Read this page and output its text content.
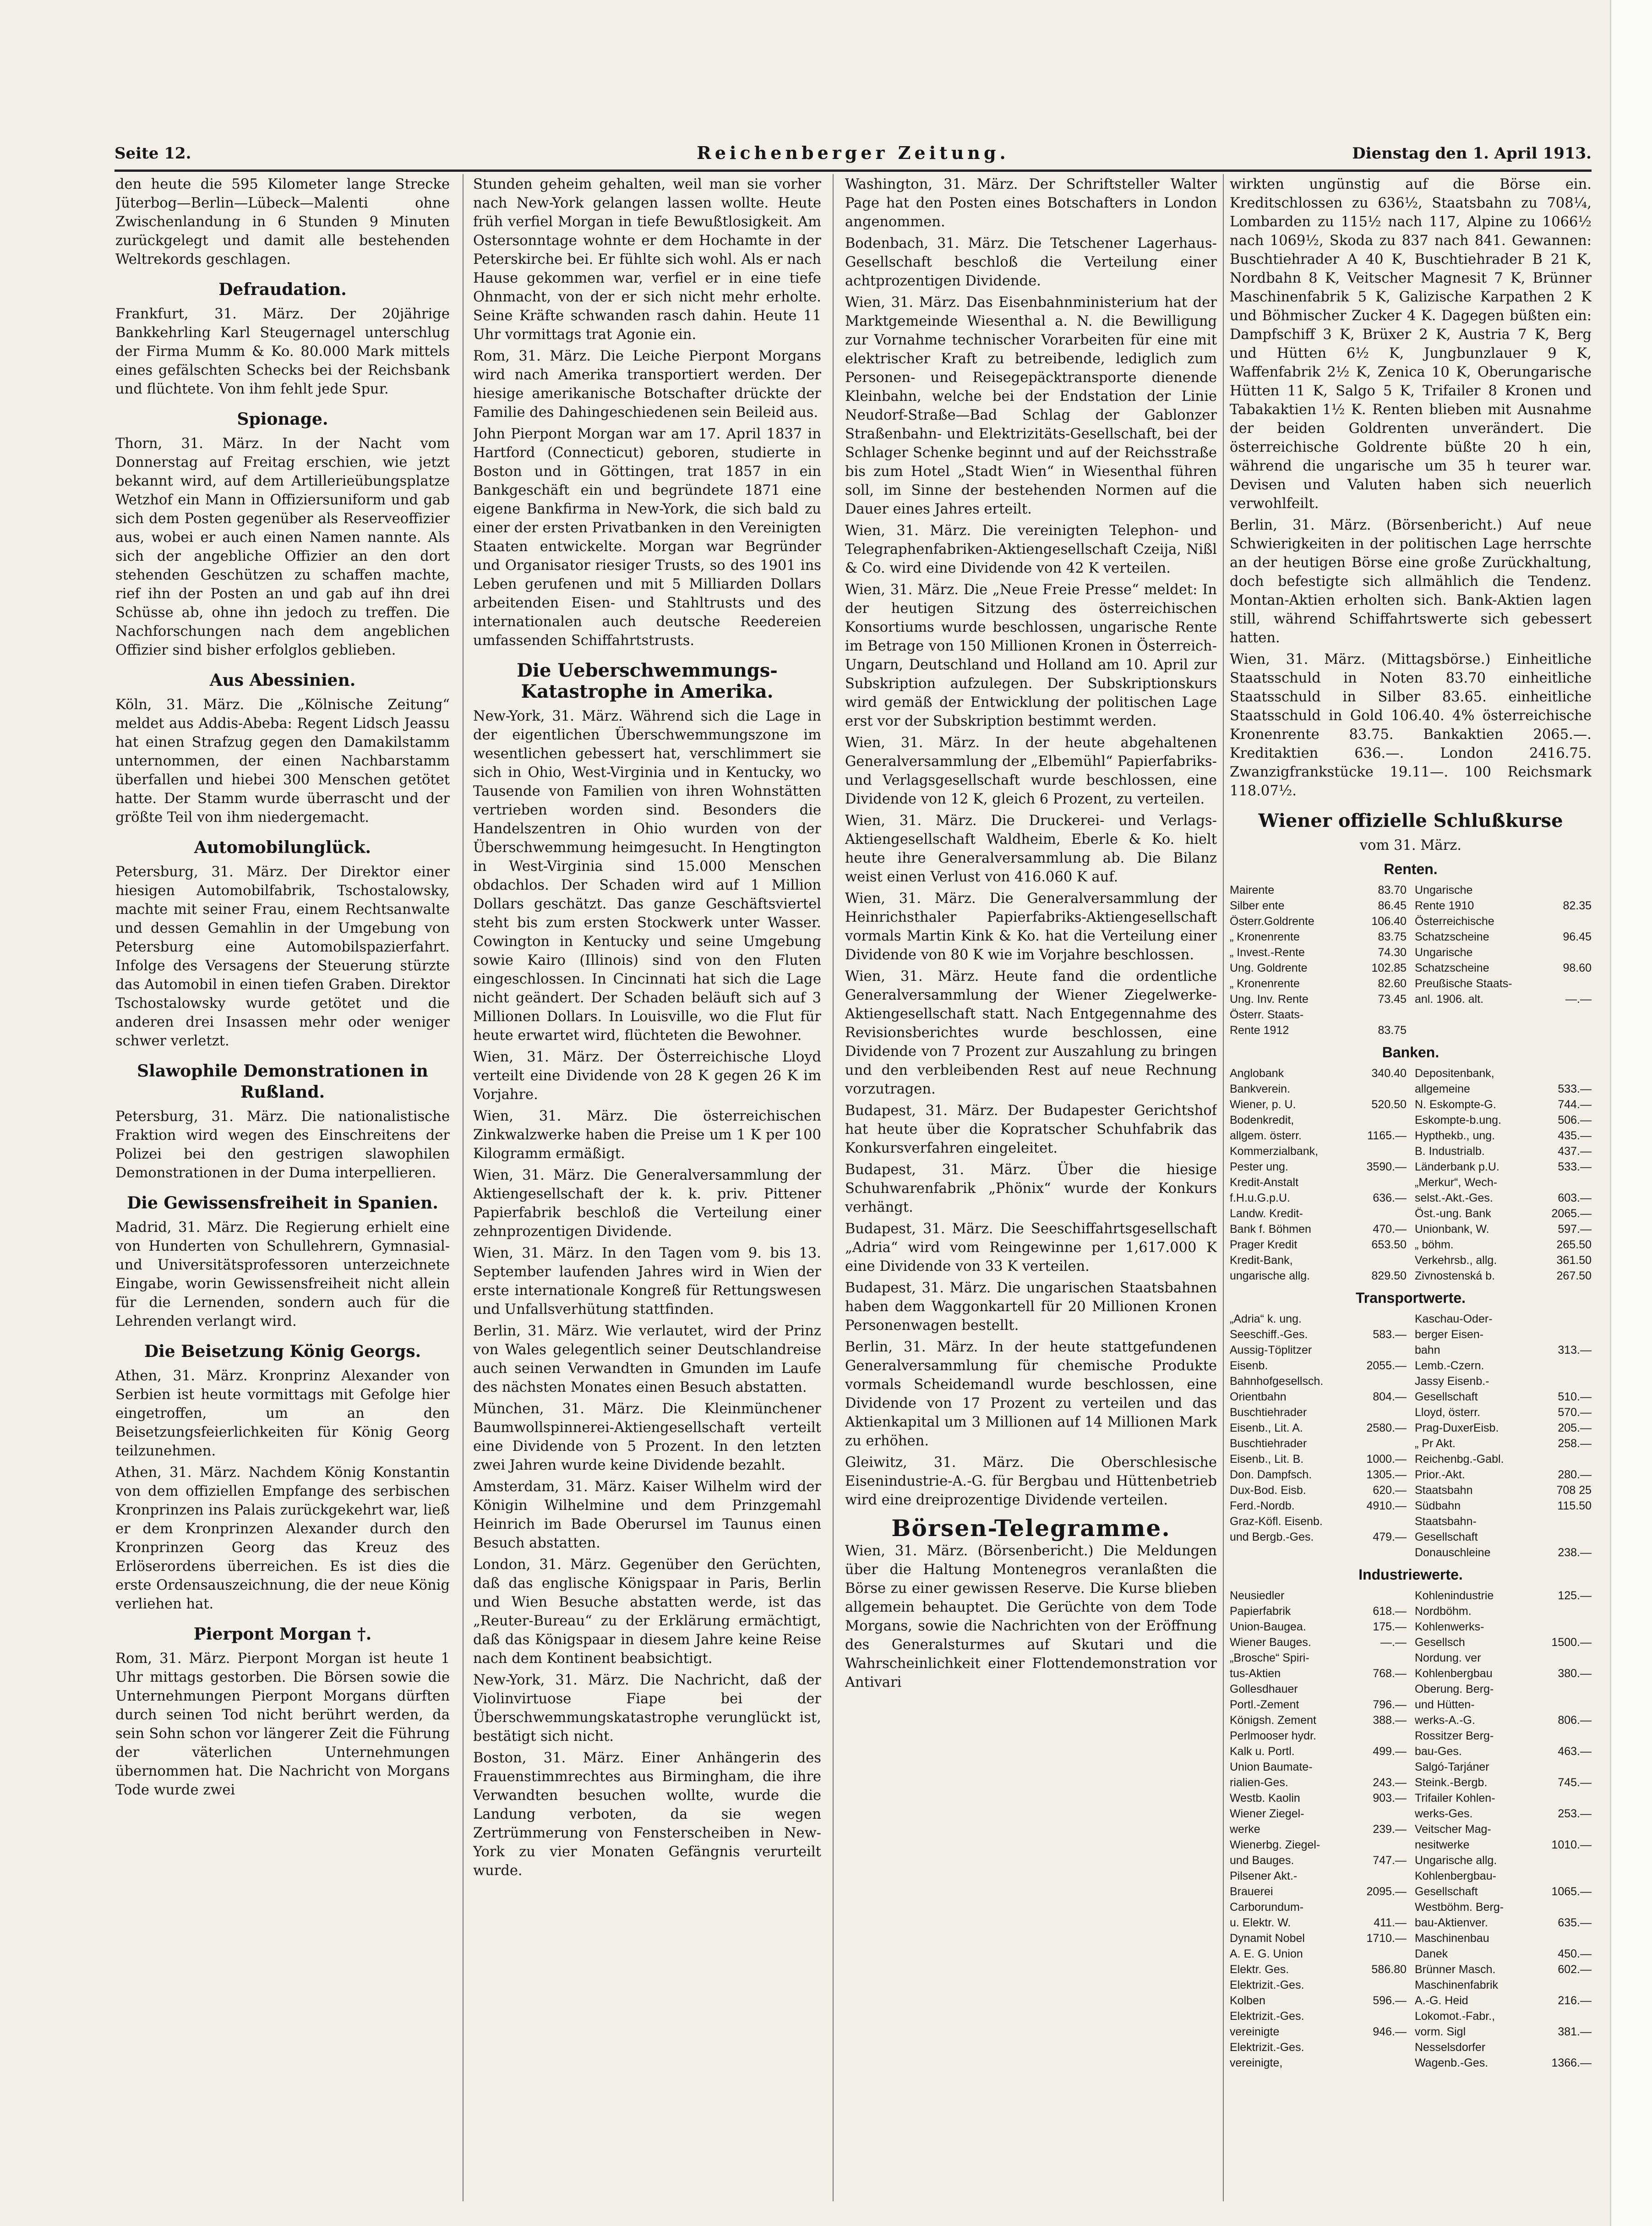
Seite 12.	Reichenberger Zeitung.	Dienstag den 1. April 1913.

den heute die 595 Kilometer lange Strecke Jüterbog—Berlin—Lübeck—Malenti ohne Zwischenlandung in 6 Stunden 9 Minuten zurückgelegt und damit alle bestehenden Weltrekords geschlagen.

Defraudation.

Frankfurt, 31. März. Der 20jährige Bankkehrling Karl Steugernagel unterschlug der Firma Mumm & Ko. 80.000 Mark mittels eines gefälschten Schecks bei der Reichsbank und flüchtete. Von ihm fehlt jede Spur.

Spionage.

Thorn, 31. März. In der Nacht vom Donnerstag auf Freitag erschien, wie jetzt bekannt wird, auf dem Artillerieübungsplatze Wetzhof ein Mann in Offiziersuniform und gab sich dem Posten gegenüber als Reserveoffizier aus, wobei er auch einen Namen nannte. Als sich der angebliche Offizier an den dort stehenden Geschützen zu schaffen machte, rief ihn der Posten an und gab auf ihn drei Schüsse ab, ohne ihn jedoch zu treffen. Die Nachforschungen nach dem angeblichen Offizier sind bisher erfolglos geblieben.

Aus Abessinien.

Köln, 31. März. Die „Kölnische Zeitung“ meldet aus Addis-Abeba: Regent Lidsch Jeassu hat einen Strafzug gegen den Damakilstamm unternommen, der einen Nachbarstamm überfallen und hiebei 300 Menschen getötet hatte. Der Stamm wurde überrascht und der größte Teil von ihm niedergemacht.

Automobilunglück.

Petersburg, 31. März. Der Direktor einer hiesigen Automobilfabrik, Tschostalowsky, machte mit seiner Frau, einem Rechtsanwalte und dessen Gemahlin in der Umgebung von Petersburg eine Automobilspazierfahrt. Infolge des Versagens der Steuerung stürzte das Automobil in einen tiefen Graben. Direktor Tschostalowsky wurde getötet und die anderen drei Insassen mehr oder weniger schwer verletzt.

Slawophile Demonstrationen in Rußland.

Petersburg, 31. März. Die nationalistische Fraktion wird wegen des Einschreitens der Polizei bei den gestrigen slawophilen Demonstrationen in der Duma interpellieren.

Die Gewissensfreiheit in Spanien.

Madrid, 31. März. Die Regierung erhielt eine von Hunderten von Schullehrern, Gymnasial- und Universitätsprofessoren unterzeichnete Eingabe, worin Gewissensfreiheit nicht allein für die Lernenden, sondern auch für die Lehrenden verlangt wird.

Die Beisetzung König Georgs.

Athen, 31. März. Kronprinz Alexander von Serbien ist heute vormittags mit Gefolge hier eingetroffen, um an den Beisetzungsfeierlichkeiten für König Georg teilzunehmen.

Athen, 31. März. Nachdem König Konstantin von dem offiziellen Empfange des serbischen Kronprinzen ins Palais zurückgekehrt war, ließ er dem Kronprinzen Alexander durch den Kronprinzen Georg das Kreuz des Erlöserordens überreichen. Es ist dies die erste Ordensauszeichnung, die der neue König verliehen hat.

Pierpont Morgan †.

Rom, 31. März. Pierpont Morgan ist heute 1 Uhr mittags gestorben. Die Börsen sowie die Unternehmungen Pierpont Morgans dürften durch seinen Tod nicht berührt werden, da sein Sohn schon vor längerer Zeit die Führung der väterlichen Unternehmungen übernommen hat. Die Nachricht von Morgans Tode wurde zwei

Stunden geheim gehalten, weil man sie vorher nach New-York gelangen lassen wollte. Heute früh verfiel Morgan in tiefe Bewußtlosigkeit. Am Ostersonntage wohnte er dem Hochamte in der Peterskirche bei. Er fühlte sich wohl. Als er nach Hause gekommen war, verfiel er in eine tiefe Ohnmacht, von der er sich nicht mehr erholte. Seine Kräfte schwanden rasch dahin. Heute 11 Uhr vormittags trat Agonie ein.

Rom, 31. März. Die Leiche Pierpont Morgans wird nach Amerika transportiert werden. Der hiesige amerikanische Botschafter drückte der Familie des Dahingeschiedenen sein Beileid aus.

John Pierpont Morgan war am 17. April 1837 in Hartford (Connecticut) geboren, studierte in Boston und in Göttingen, trat 1857 in ein Bankgeschäft ein und begründete 1871 eine eigene Bankfirma in New-York, die sich bald zu einer der ersten Privatbanken in den Vereinigten Staaten entwickelte. Morgan war Begründer und Organisator riesiger Trusts, so des 1901 ins Leben gerufenen und mit 5 Milliarden Dollars arbeitenden Eisen- und Stahltrusts und des internationalen auch deutsche Reedereien umfassenden Schiffahrtstrusts.

Die Ueberschwemmungs-Katastrophe in Amerika.

New-York, 31. März. Während sich die Lage in der eigentlichen Überschwemmungszone im wesentlichen gebessert hat, verschlimmert sie sich in Ohio, West-Virginia und in Kentucky, wo Tausende von Familien von ihren Wohnstätten vertrieben worden sind. Besonders die Handelszentren in Ohio wurden von der Überschwemmung heimgesucht. In Hengtington in West-Virginia sind 15.000 Menschen obdachlos. Der Schaden wird auf 1 Million Dollars geschätzt. Das ganze Geschäftsviertel steht bis zum ersten Stockwerk unter Wasser. Cowington in Kentucky und seine Umgebung sowie Kairo (Illinois) sind von den Fluten eingeschlossen. In Cincinnati hat sich die Lage nicht geändert. Der Schaden beläuft sich auf 3 Millionen Dollars. In Louisville, wo die Flut für heute erwartet wird, flüchteten die Bewohner.

Wien, 31. März. Der Österreichische Lloyd verteilt eine Dividende von 28 K gegen 26 K im Vorjahre.

Wien, 31. März. Die österreichischen Zinkwalzwerke haben die Preise um 1 K per 100 Kilogramm ermäßigt.

Wien, 31. März. Die Generalversammlung der Aktiengesellschaft der k. k. priv. Pittener Papierfabrik beschloß die Verteilung einer zehnprozentigen Dividende.

Wien, 31. März. In den Tagen vom 9. bis 13. September laufenden Jahres wird in Wien der erste internationale Kongreß für Rettungswesen und Unfallsverhütung stattfinden.

Berlin, 31. März. Wie verlautet, wird der Prinz von Wales gelegentlich seiner Deutschlandreise auch seinen Verwandten in Gmunden im Laufe des nächsten Monates einen Besuch abstatten.

München, 31. März. Die Kleinmünchener Baumwollspinnerei-Aktiengesellschaft verteilt eine Dividende von 5 Prozent. In den letzten zwei Jahren wurde keine Dividende bezahlt.

Amsterdam, 31. März. Kaiser Wilhelm wird der Königin Wilhelmine und dem Prinzgemahl Heinrich im Bade Oberursel im Taunus einen Besuch abstatten.

London, 31. März. Gegenüber den Gerüchten, daß das englische Königspaar in Paris, Berlin und Wien Besuche abstatten werde, ist das „Reuter-Bureau“ zu der Erklärung ermächtigt, daß das Königspaar in diesem Jahre keine Reise nach dem Kontinent beabsichtigt.

New-York, 31. März. Die Nachricht, daß der Violinvirtuose Fiape bei der Überschwemmungskatastrophe verunglückt ist, bestätigt sich nicht.

Boston, 31. März. Einer Anhängerin des Frauenstimmrechtes aus Birmingham, die ihre Verwandten besuchen wollte, wurde die Landung verboten, da sie wegen Zertrümmerung von Fensterscheiben in New-York zu vier Monaten Gefängnis verurteilt wurde.

Washington, 31. März. Der Schriftsteller Walter Page hat den Posten eines Botschafters in London angenommen.

Bodenbach, 31. März. Die Tetschener Lagerhaus-Gesellschaft beschloß die Verteilung einer achtprozentigen Dividende.

Wien, 31. März. Das Eisenbahnministerium hat der Marktgemeinde Wiesenthal a. N. die Bewilligung zur Vornahme technischer Vorarbeiten für eine mit elektrischer Kraft zu betreibende, lediglich zum Personen- und Reisegepäcktransporte dienende Kleinbahn, welche bei der Endstation der Linie Neudorf-Straße—Bad Schlag der Gablonzer Straßenbahn- und Elektrizitäts-Gesellschaft, bei der Schlager Schenke beginnt und auf der Reichsstraße bis zum Hotel „Stadt Wien“ in Wiesenthal führen soll, im Sinne der bestehenden Normen auf die Dauer eines Jahres erteilt.

Wien, 31. März. Die vereinigten Telephon- und Telegraphenfabriken-Aktiengesellschaft Czeija, Nißl & Co. wird eine Dividende von 42 K verteilen.

Wien, 31. März. Die „Neue Freie Presse“ meldet: In der heutigen Sitzung des österreichischen Konsortiums wurde beschlossen, ungarische Rente im Betrage von 150 Millionen Kronen in Österreich-Ungarn, Deutschland und Holland am 10. April zur Subskription aufzulegen. Der Subskriptionskurs wird gemäß der Entwicklung der politischen Lage erst vor der Subskription bestimmt werden.

Wien, 31. März. In der heute abgehaltenen Generalversammlung der „Elbemühl“ Papierfabriks- und Verlagsgesellschaft wurde beschlossen, eine Dividende von 12 K, gleich 6 Prozent, zu verteilen.

Wien, 31. März. Die Druckerei- und Verlags-Aktiengesellschaft Waldheim, Eberle & Ko. hielt heute ihre Generalversammlung ab. Die Bilanz weist einen Verlust von 416.060 K auf.

Wien, 31. März. Die Generalversammlung der Heinrichsthaler Papierfabriks-Aktiengesellschaft vormals Martin Kink & Ko. hat die Verteilung einer Dividende von 80 K wie im Vorjahre beschlossen.

Wien, 31. März. Heute fand die ordentliche Generalversammlung der Wiener Ziegelwerke-Aktiengesellschaft statt. Nach Entgegennahme des Revisionsberichtes wurde beschlossen, eine Dividende von 7 Prozent zur Auszahlung zu bringen und den verbleibenden Rest auf neue Rechnung vorzutragen.

Budapest, 31. März. Der Budapester Gerichtshof hat heute über die Kopratscher Schuhfabrik das Konkursverfahren eingeleitet.

Budapest, 31. März. Über die hiesige Schuhwarenfabrik „Phönix“ wurde der Konkurs verhängt.

Budapest, 31. März. Die Seeschiffahrtsgesellschaft „Adria“ wird vom Reingewinne per 1,617.000 K eine Dividende von 33 K verteilen.

Budapest, 31. März. Die ungarischen Staatsbahnen haben dem Waggonkartell für 20 Millionen Kronen Personenwagen bestellt.

Berlin, 31. März. In der heute stattgefundenen Generalversammlung für chemische Produkte vormals Scheidemandl wurde beschlossen, eine Dividende von 17 Prozent zu verteilen und das Aktienkapital um 3 Millionen auf 14 Millionen Mark zu erhöhen.

Gleiwitz, 31. März. Die Oberschlesische Eisenindustrie-A.-G. für Bergbau und Hüttenbetrieb wird eine dreiprozentige Dividende verteilen.

Börsen-Telegramme.

Wien, 31. März. (Börsenbericht.) Die Meldungen über die Haltung Montenegros veranlaßten die Börse zu einer gewissen Reserve. Die Kurse blieben allgemein behauptet. Die Gerüchte von dem Tode Morgans, sowie die Nachrichten von der Eröffnung des Generalsturmes auf Skutari und die Wahrscheinlichkeit einer Flottendemonstration vor Antivari

wirkten ungünstig auf die Börse ein. Kreditschlossen zu 636½, Staatsbahn zu 708¼, Lombarden zu 115½ nach 117, Alpine zu 1066½ nach 1069½, Skoda zu 837 nach 841. Gewannen: Buschtiehrader A 40 K, Buschtiehrader B 21 K, Nordbahn 8 K, Veitscher Magnesit 7 K, Brünner Maschinenfabrik 5 K, Galizische Karpathen 2 K und Böhmischer Zucker 4 K. Dagegen büßten ein: Dampfschiff 3 K, Brüxer 2 K, Austria 7 K, Berg und Hütten 6½ K, Jungbunzlauer 9 K, Waffenfabrik 2½ K, Zenica 10 K, Oberungarische Hütten 11 K, Salgo 5 K, Trifailer 8 Kronen und Tabakaktien 1½ K. Renten blieben mit Ausnahme der beiden Goldrenten unverändert. Die österreichische Goldrente büßte 20 h ein, während die ungarische um 35 h teurer war. Devisen und Valuten haben sich neuerlich verwohlfeilt.

Berlin, 31. März. (Börsenbericht.) Auf neue Schwierigkeiten in der politischen Lage herrschte an der heutigen Börse eine große Zurückhaltung, doch befestigte sich allmählich die Tendenz. Montan-Aktien erholten sich. Bank-Aktien lagen still, während Schiffahrtswerte sich gebessert hatten.

Wien, 31. März. (Mittagsbörse.) Einheitliche Staatsschuld in Noten 83.70 einheitliche Staatsschuld in Silber 83.65. einheitliche Staatsschuld in Gold 106.40. 4% österreichische Kronenrente 83.75. Bankaktien 2065.—. Kreditaktien 636.—. London 2416.75. Zwanzigfrankstücke 19.11—. 100 Reichsmark 118.07½.

Wiener offizielle Schlußkurse
vom 31. März.
Renten.
Mairente	83.70
Silber ente	86.45
Österr.Goldrente	106.40
„ Kronenrente	83.75
„ Invest.-Rente	74.30
Ung. Goldrente	102.85
„ Kronenrente	82.60
Ung. Inv. Rente	73.45
Österr. Staats-
Rente 1912	83.75
Ungarische
Rente 1910	82.35
Österreichische
Schatzscheine	96.45
Ungarische
Schatzscheine	98.60
Preußische Staats-
anl. 1906. alt.	—.—
Banken.
Anglobank	340.40
Bankverein.
Wiener, p. U.	520.50
Bodenkredit,
allgem. österr.	1165.—
Kommerzialbank,
Pester ung.	3590.—
Kredit-Anstalt
f.H.u.G.p.U.	636.—
Landw. Kredit-
Bank f. Böhmen	470.—
Prager Kredit	653.50
Kredit-Bank,
ungarische allg.	829.50
Depositenbank,
allgemeine	533.—
N. Eskompte-G.	744.—
Eskompte-b.ung.	506.—
Hypthekb., ung.	435.—
B. Industrialb.	437.—
Länderbank p.U.	533.—
„Merkur“, Wech-
selst.-Akt.-Ges.	603.—
Öst.-ung. Bank	2065.—
Unionbank, W.	597.—
„ böhm.	265.50
Verkehrsb., allg.	361.50
Zivnostenská b.	267.50
Transportwerte.
„Adria“ k. ung.
Seeschiff.-Ges.	583.—
Aussig-Töplitzer
Eisenb.	2055.—
Bahnhofgesellsch.
Orientbahn	804.—
Buschtiehrader
Eisenb., Lit. A.	2580.—
Buschtiehrader
Eisenb., Lit. B.	1000.—
Don. Dampfsch.	1305.—
Dux-Bod. Eisb.	620.—
Ferd.-Nordb.	4910.—
Graz-Köfl. Eisenb.
und Bergb.-Ges.	479.—
Kaschau-Oder-
berger Eisen-
bahn	313.—
Lemb.-Czern.
Jassy Eisenb.-
Gesellschaft	510.—
Lloyd, österr.	570.—
Prag-DuxerEisb.	205.—
„ Pr Akt.	258.—
Reichenbg.-Gabl.
Prior.-Akt.	280.—
Staatsbahn	708 25
Südbahn	115.50
Staatsbahn-
Gesellschaft
Donauschleine	238.—
Industriewerte.
Neusiedler
Papierfabrik	618.—
Union-Baugea.	175.—
Wiener Bauges.	—.—
„Brosche“ Spiri-
tus-Aktien	768.—
Gollesdhauer
Portl.-Zement	796.—
Königsh. Zement	388.—
Perlmooser hydr.
Kalk u. Portl.	499.—
Union Baumate-
rialien-Ges.	243.—
Westb. Kaolin	903.—
Wiener Ziegel-
werke	239.—
Wienerbg. Ziegel-
und Bauges.	747.—
Pilsener Akt.-
Brauerei	2095.—
Carborundum-
u. Elektr. W.	411.—
Dynamit Nobel	1710.—
A. E. G. Union
Elektr. Ges.	586.80
Elektrizit.-Ges.
Kolben	596.—
Elektrizit.-Ges.
vereinigte	946.—
Elektrizit.-Ges.
vereinigte,
Kohlenindustrie	125.—
Nordböhm.
Kohlenwerks-
Gesellsch	1500.—
Nordung. ver
Kohlenbergbau	380.—
Oberung. Berg-
und Hütten-
werks-A.-G.	806.—
Rossitzer Berg-
bau-Ges.	463.—
Salgó-Tarjáner
Steink.-Bergb.	745.—
Trifailer Kohlen-
werks-Ges.	253.—
Veitscher Mag-
nesitwerke	1010.—
Ungarische allg.
Kohlenbergbau-
Gesellschaft	1065.—
Westböhm. Berg-
bau-Aktienver.	635.—
Maschinenbau
Danek	450.—
Brünner Masch.	602.—
Maschinenfabrik
A.-G. Heid	216.—
Lokomot.-Fabr.,
vorm. Sigl	381.—
Nesselsdorfer
Wagenb.-Ges.	1366.—
